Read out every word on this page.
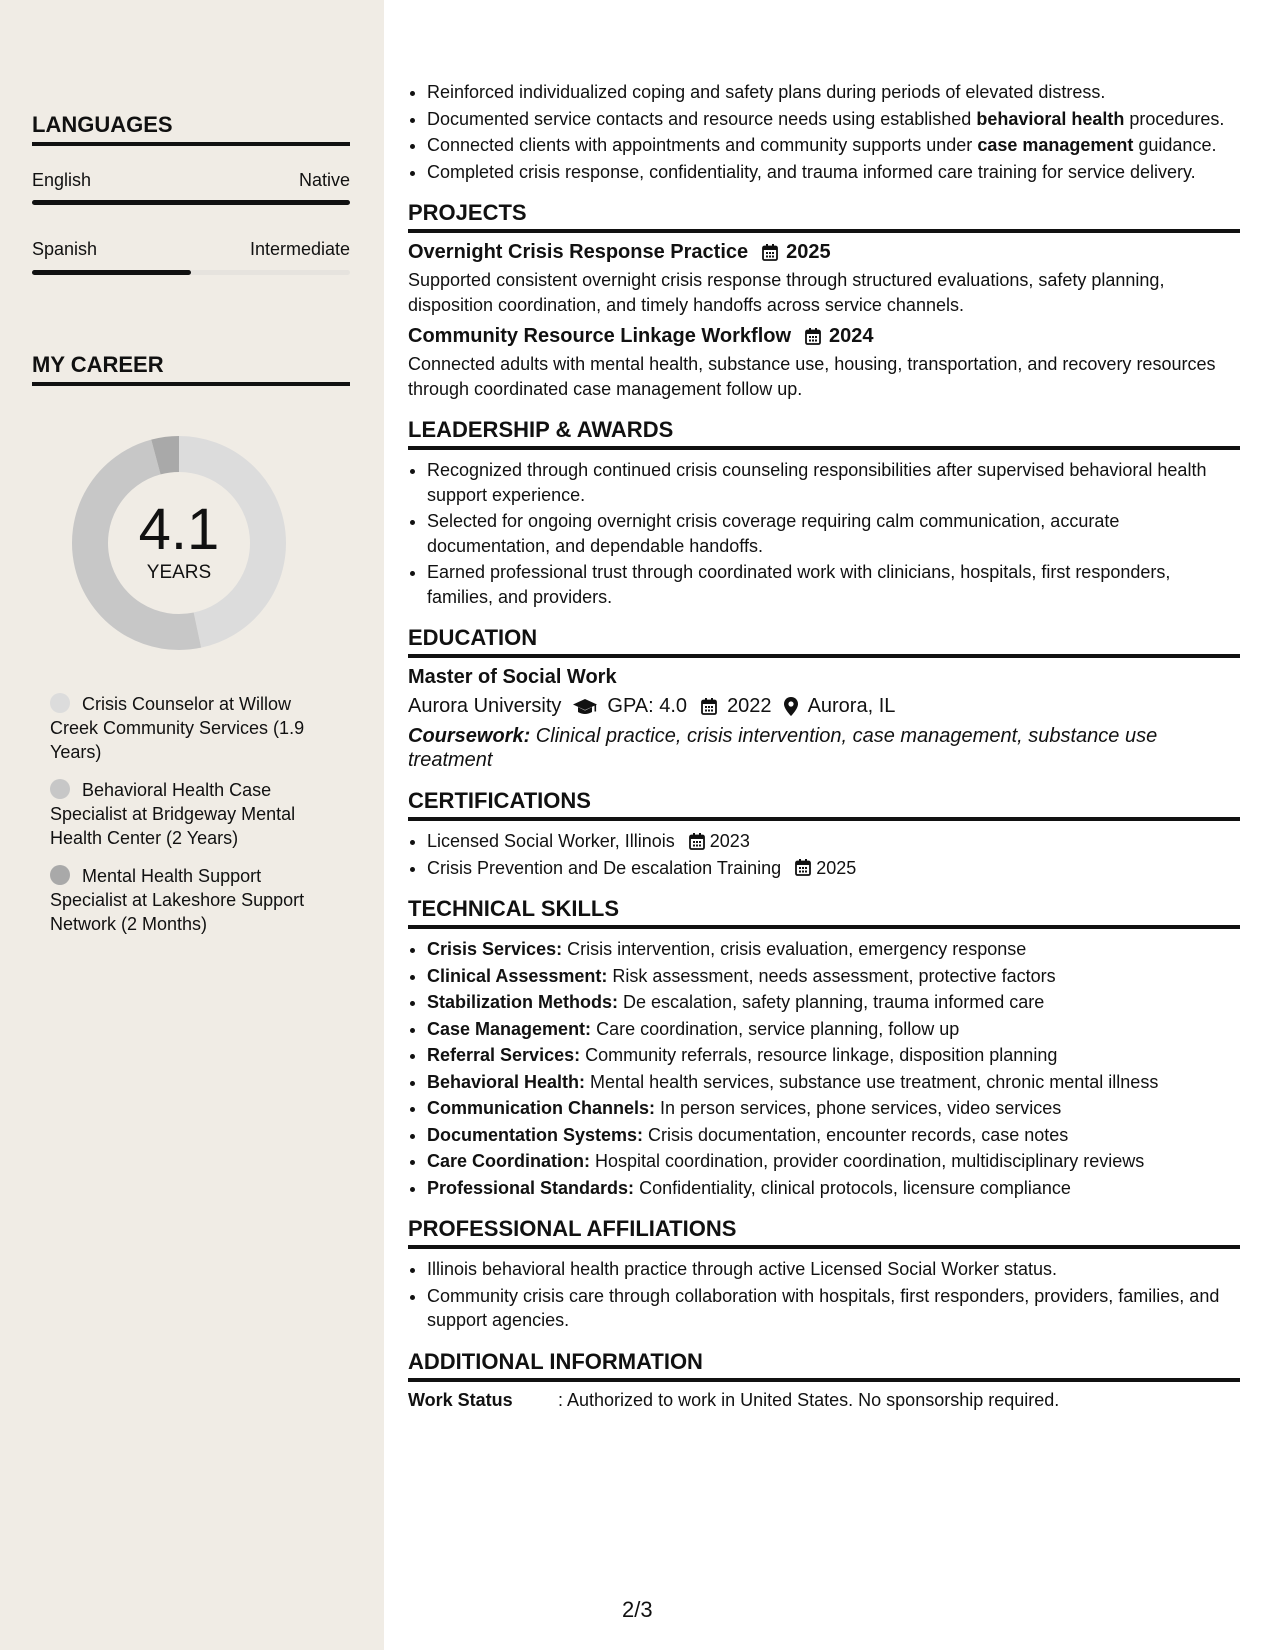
LANGUAGES
English	Native
Spanish	Intermediate
MY CAREER
4.1
YEARS
Crisis Counselor at Willow Creek Community Services (1.9 Years)
Behavioral Health Case Specialist at Bridgeway Mental Health Center (2 Years)
Mental Health Support Specialist at Lakeshore Support Network (2 Months)
• Reinforced individualized coping and safety plans during periods of elevated distress.
• Documented service contacts and resource needs using established behavioral health procedures.
• Connected clients with appointments and community supports under case management guidance.
• Completed crisis response, confidentiality, and trauma informed care training for service delivery.
PROJECTS
Overnight Crisis Response Practice 2025
Supported consistent overnight crisis response through structured evaluations, safety planning, disposition coordination, and timely handoffs across service channels.
Community Resource Linkage Workflow 2024
Connected adults with mental health, substance use, housing, transportation, and recovery resources through coordinated case management follow up.
LEADERSHIP & AWARDS
• Recognized through continued crisis counseling responsibilities after supervised behavioral health support experience.
• Selected for ongoing overnight crisis coverage requiring calm communication, accurate documentation, and dependable handoffs.
• Earned professional trust through coordinated work with clinicians, hospitals, first responders, families, and providers.
EDUCATION
Master of Social Work
Aurora University GPA: 4.0 2022 Aurora, IL
Coursework: Clinical practice, crisis intervention, case management, substance use treatment
CERTIFICATIONS
• Licensed Social Worker, Illinois 2023
• Crisis Prevention and De escalation Training 2025
TECHNICAL SKILLS
• Crisis Services: Crisis intervention, crisis evaluation, emergency response
• Clinical Assessment: Risk assessment, needs assessment, protective factors
• Stabilization Methods: De escalation, safety planning, trauma informed care
• Case Management: Care coordination, service planning, follow up
• Referral Services: Community referrals, resource linkage, disposition planning
• Behavioral Health: Mental health services, substance use treatment, chronic mental illness
• Communication Channels: In person services, phone services, video services
• Documentation Systems: Crisis documentation, encounter records, case notes
• Care Coordination: Hospital coordination, provider coordination, multidisciplinary reviews
• Professional Standards: Confidentiality, clinical protocols, licensure compliance
PROFESSIONAL AFFILIATIONS
• Illinois behavioral health practice through active Licensed Social Worker status.
• Community crisis care through collaboration with hospitals, first responders, providers, families, and support agencies.
ADDITIONAL INFORMATION
Work Status	: Authorized to work in United States. No sponsorship required.
2/3
